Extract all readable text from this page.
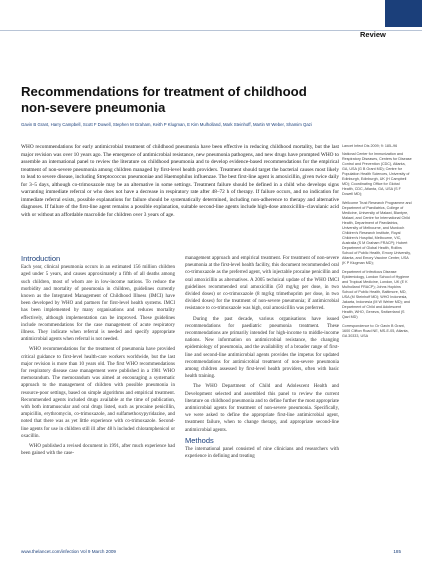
Review
Recommendations for treatment of childhood non-severe pneumonia
Gavin B Grant, Harry Campbell, Scott F Dowell, Stephen M Graham, Keith P Klugman, E Kim Mulholland, Mark Steinhoff, Martin W Weber, Shamim Qazi

WHO recommendations for early antimicrobial treatment of childhood pneumonia have been effective in reducing childhood mortality, but the last major revision was over 10 years ago. The emergence of antimicrobial resistance, new pneumonia pathogens, and new drugs have prompted WHO to assemble an international panel to review the literature on childhood pneumonia and to develop evidence-based recommendations for the empirical treatment of non-severe pneumonia among children managed by first-level health providers. Treatment should target the bacterial causes most likely to lead to severe disease, including Streptococcus pneumoniae and Haemophilus influenzae. The best first-line agent is amoxicillin, given twice daily for 3–5 days, although co-trimoxazole may be an alternative in some settings. Treatment failure should be defined in a child who develops signs warranting immediate referral or who does not have a decrease in respiratory rate after 48–72 h of therapy. If failure occurs, and no indication for immediate referral exists, possible explanations for failure should be systematically determined, including non-adherence to therapy and alternative diagnoses. If failure of the first-line agent remains a possible explanation, suitable second-line agents include high-dose amoxicillin–clavulanic acid with or without an affordable macrolide for children over 3 years of age.

Introduction

Each year, clinical pneumonia occurs in an estimated 156 million children aged under 5 years, and causes approximately a fifth of all deaths among such children, most of whom are in low-income nations. To reduce the morbidity and mortality of pneumonia in children, guidelines currently known as the Integrated Management of Childhood Illness (IMCI) have been developed by WHO and partners for first-level health systems. IMCI has been implemented by many organisations and reduces mortality effectively, although implementation can be improved. These guidelines include recommendations for the case management of acute respiratory illness. They indicate when referral is needed and specify appropriate antimicrobial agents when referral is not needed.

WHO recommendations for the treatment of pneumonia have provided critical guidance to first-level health-care workers worldwide, but the last major revision is more than 10 years old. The first WHO recommendations for respiratory disease case management were published in a 1981 WHO memorandum. The memorandum was aimed at encouraging a systematic approach to the management of children with possible pneumonia in resource-poor settings, based on simple algorithms and empirical treatment. Recommended agents included drugs available at the time of publication, with both intramuscular and oral drugs listed, such as procaine penicillin, ampicillin, erythromycin, co-trimoxazole, and sulfamethoxypyridazine, and noted that there was as yet little experience with co-trimoxazole. Second-line agents for use in children still ill after 48 h included chloramphenicol or oxacillin.

WHO published a revised document in 1991, after much experience had been gained with the case-

management approach and empirical treatment. For treatment of non-severe pneumonia at the first-level health facility, this document recommended oral co-trimoxazole as the preferred agent, with injectable procaine penicillin and oral amoxicillin as alternatives. A 2005 technical update of the WHO IMCI guidelines recommended oral amoxicillin (50 mg/kg per dose, in two divided doses) or co-trimoxazole (8 mg/kg trimethoprim per dose, in two divided doses) for the treatment of non-severe pneumonia; if antimicrobial resistance to co-trimoxazole was high, oral amoxicillin was preferred.

During the past decade, various organisations have issued recommendations for paediatric pneumonia treatment. These recommendations are primarily intended for high-income to middle-income nations. New information on antimicrobial resistance, the changing epidemiology of pneumonia, and the availability of a broader range of first-line and second-line antimicrobial agents provides the impetus for updated recommendations for antimicrobial treatment of non-severe pneumonia among children assessed by first-level health providers, often with basic health training.

The WHO Department of Child and Adolescent Health and Development selected and assembled this panel to review the current literature on childhood pneumonia and to define further the most appropriate antimicrobial agents for treatment of non-severe pneumonia. Specifically, we were asked to define the appropriate first-line antimicrobial agent, treatment failure, when to change therapy, and appropriate second-line antimicrobial agents.

Methods

The international panel consisted of nine clinicians and researchers with experience in defining and treating

Lancet Infect Dis 2009; 9: 185–96
National Center for Immunization and Respiratory Diseases, Centers for Disease Control and Prevention (CDC), Atlanta, GA, USA (G B Grant MD); Centre for Population Health Sciences, University of Edinburgh, Edinburgh, UK (H Campbell MD); Coordinating Office for Global Health, CDC, Atlanta, GA, USA (S F Dowell MD);
Wellcome Trust Research Programme and Department of Paediatrics, College of Medicine, University of Malawi, Blantyre, Malawi, and Centre for International Child Health, Department of Paediatrics, University of Melbourne, and Murdoch Children's Research Institute, Royal Children's Hospital, Melbourne, VIC, Australia (S M Graham FRACP); Hubert Department of Global Health, Rollins School of Public Health, Emory University, Atlanta, and Emory Vaccine Center, USA (K P Klugman MD);
Department of Infectious Disease Epidemiology, London School of Hygiene and Tropical Medicine, London, UK (E K Mulholland FRACP); Johns Hopkins School of Public Health, Baltimore, MD, USA (M Steinhoff MD); WHO Indonesia, Jakarta, Indonesia (M W Weber MD); and Department of Child and Adolescent Health, WHO, Geneva, Switzerland (S Qazi MD)
Correspondence to: Dr Gavin B Grant, 1600 Clifton Road NE, MS-E-05, Atlanta, GA 30333, USA
www.thelancet.com/infection Vol 9 March 2009	185
